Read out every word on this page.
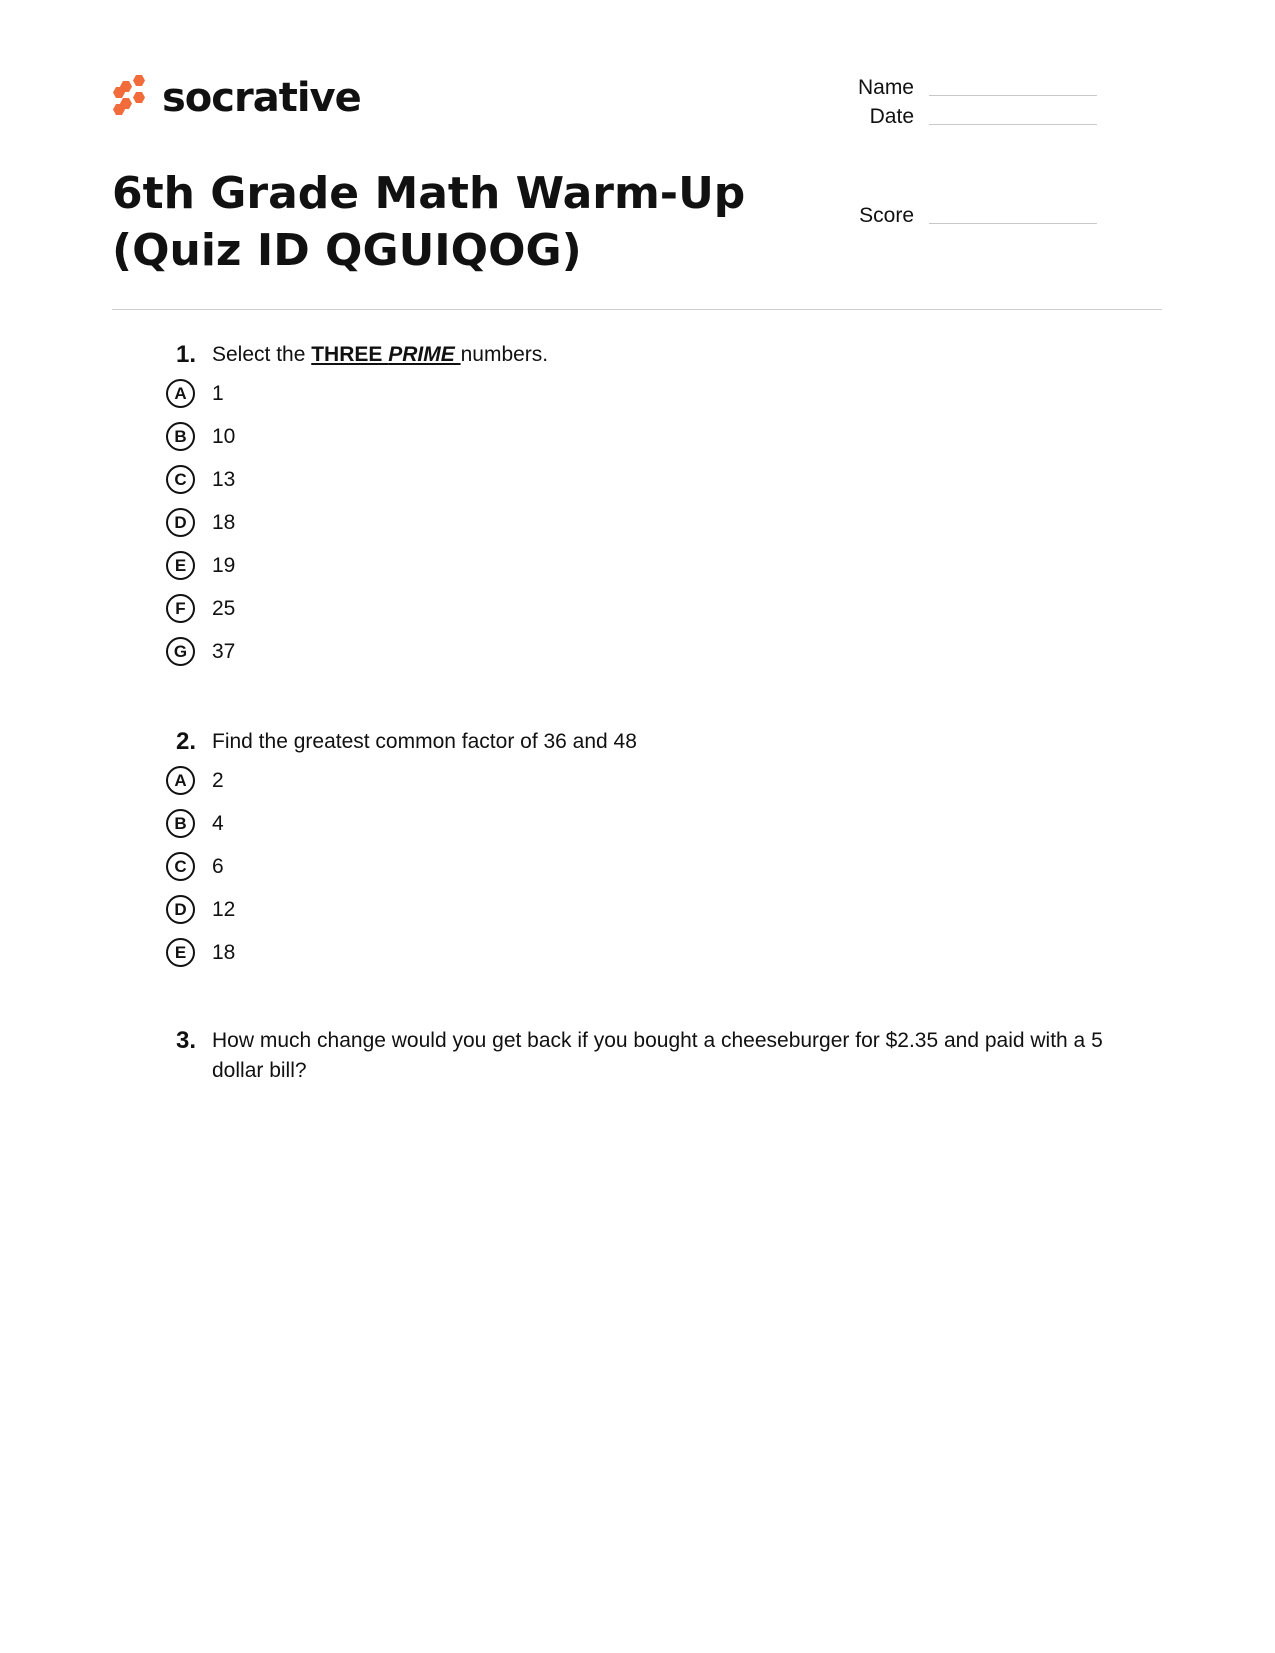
socrative	Name
Date
Score
6th Grade Math Warm-Up (Quiz ID QGUIQOG)
1. Select the THREE PRIME numbers.
A	1
B	10
C	13
D	18
E	19
F	25
G	37
2. Find the greatest common factor of 36 and 48
A	2
B	4
C	6
D	12
E	18
3. How much change would you get back if you bought a cheeseburger for $2.35 and paid with a 5 dollar bill?
